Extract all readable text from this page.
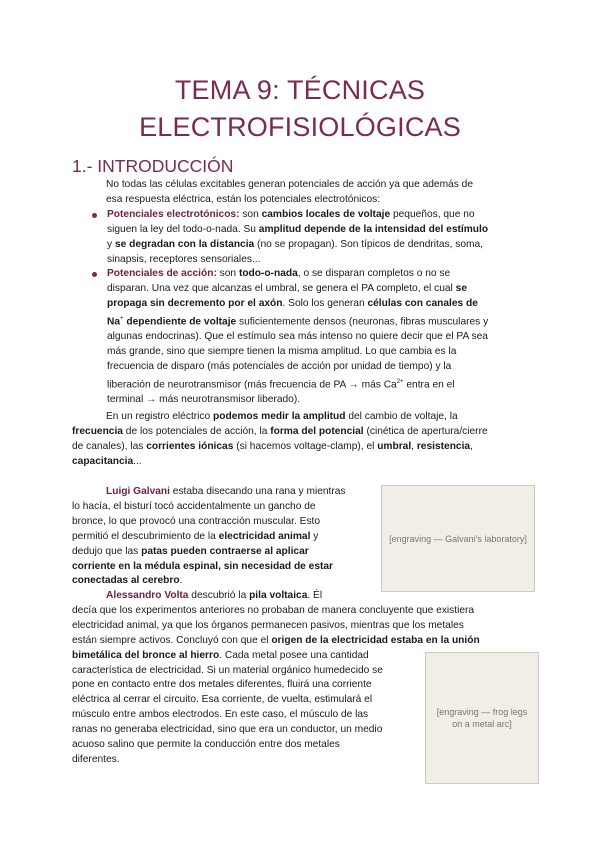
TEMA 9: TÉCNICAS
ELECTROFISIOLÓGICAS
1.- INTRODUCCIÓN
No todas las células excitables generan potenciales de acción ya que además de
esa respuesta eléctrica, están los potenciales electrotónicos:
Potenciales electrotónicos: son cambios locales de voltaje pequeños, que no
siguen la ley del todo-o-nada. Su amplitud depende de la intensidad del estímulo
y se degradan con la distancia (no se propagan). Son típicos de dendritas, soma,
sinapsis, receptores sensoriales...
Potenciales de acción: son todo-o-nada, o se disparan completos o no se
disparan. Una vez que alcanzas el umbral, se genera el PA completo, el cual se
propaga sin decremento por el axón. Solo los generan células con canales de
Na+ dependiente de voltaje suficientemente densos (neuronas, fibras musculares y
algunas endocrinas). Que el estímulo sea más intenso no quiere decir que el PA sea
más grande, sino que siempre tienen la misma amplitud. Lo que cambia es la
frecuencia de disparo (más potenciales de acción por unidad de tiempo) y la
liberación de neurotransmisor (más frecuencia de PA → más $Ca^{2+}$ entra en el
terminal → más neurotransmisor liberado).
En un registro eléctrico podemos medir la amplitud del cambio de voltaje, la
frecuencia de los potenciales de acción, la forma del potencial (cinética de apertura/cierre
de canales), las corrientes iónicas (si hacemos voltage-clamp), el umbral, resistencia,
capacitancia...
Luigi Galvani estaba disecando una rana y mientras
lo hacía, el bisturí tocó accidentalmente un gancho de
bronce, lo que provocó una contracción muscular. Esto
permitió el descubrimiento de la electricidad animal y
dedujo que las patas pueden contraerse al aplicar
corriente en la médula espinal, sin necesidad de estar
conectadas al cerebro.
[engraving — Galvani's laboratory]
Alessandro Volta descubrió la pila voltaica. Él
decía que los experimentos anteriores no probaban de manera concluyente que existiera
electricidad animal, ya que los órganos permanecen pasivos, mientras que los metales
están siempre activos. Concluyó con que el origen de la electricidad estaba en la unión
bimetálica del bronce al hierro. Cada metal posee una cantidad
característica de electricidad. Si un material orgánico humedecido se
pone en contacto entre dos metales diferentes, fluirá una corriente
eléctrica al cerrar el circuito. Esa corriente, de vuelta, estimulará el
músculo entre ambos electrodos. En este caso, el músculo de las
ranas no generaba electricidad, sino que era un conductor, un medio
acuoso salino que permite la conducción entre dos metales
diferentes.
[engraving — frog legs on a metal arc]
